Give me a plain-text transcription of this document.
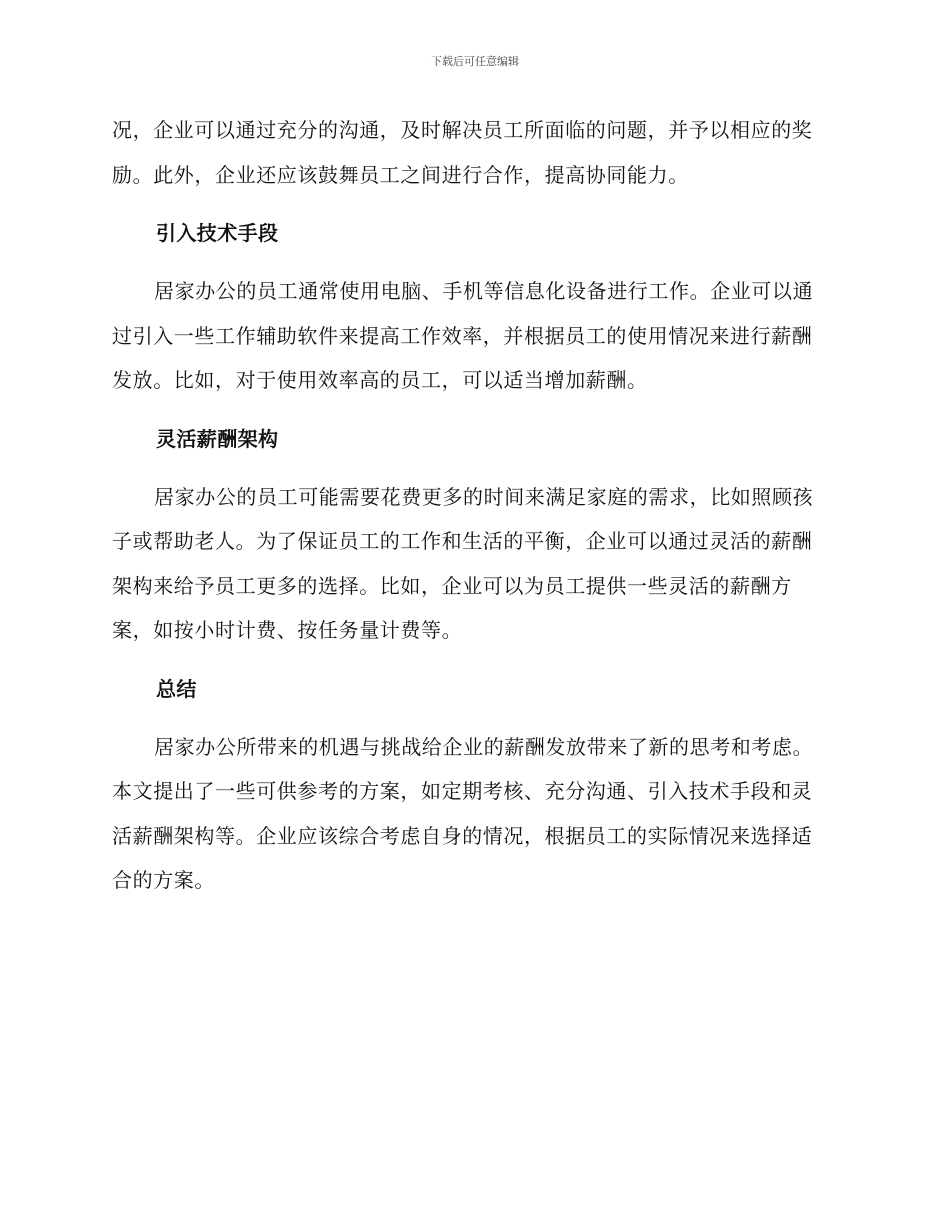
下载后可任意编辑

况，企业可以通过充分的沟通，及时解决员工所面临的问题，并予以相应的奖励。此外，企业还应该鼓舞员工之间进行合作，提高协同能力。

引入技术手段

居家办公的员工通常使用电脑、手机等信息化设备进行工作。企业可以通过引入一些工作辅助软件来提高工作效率，并根据员工的使用情况来进行薪酬发放。比如，对于使用效率高的员工，可以适当增加薪酬。

灵活薪酬架构

居家办公的员工可能需要花费更多的时间来满足家庭的需求，比如照顾孩子或帮助老人。为了保证员工的工作和生活的平衡，企业可以通过灵活的薪酬架构来给予员工更多的选择。比如，企业可以为员工提供一些灵活的薪酬方案，如按小时计费、按任务量计费等。

总结

居家办公所带来的机遇与挑战给企业的薪酬发放带来了新的思考和考虑。本文提出了一些可供参考的方案，如定期考核、充分沟通、引入技术手段和灵活薪酬架构等。企业应该综合考虑自身的情况，根据员工的实际情况来选择适合的方案。
